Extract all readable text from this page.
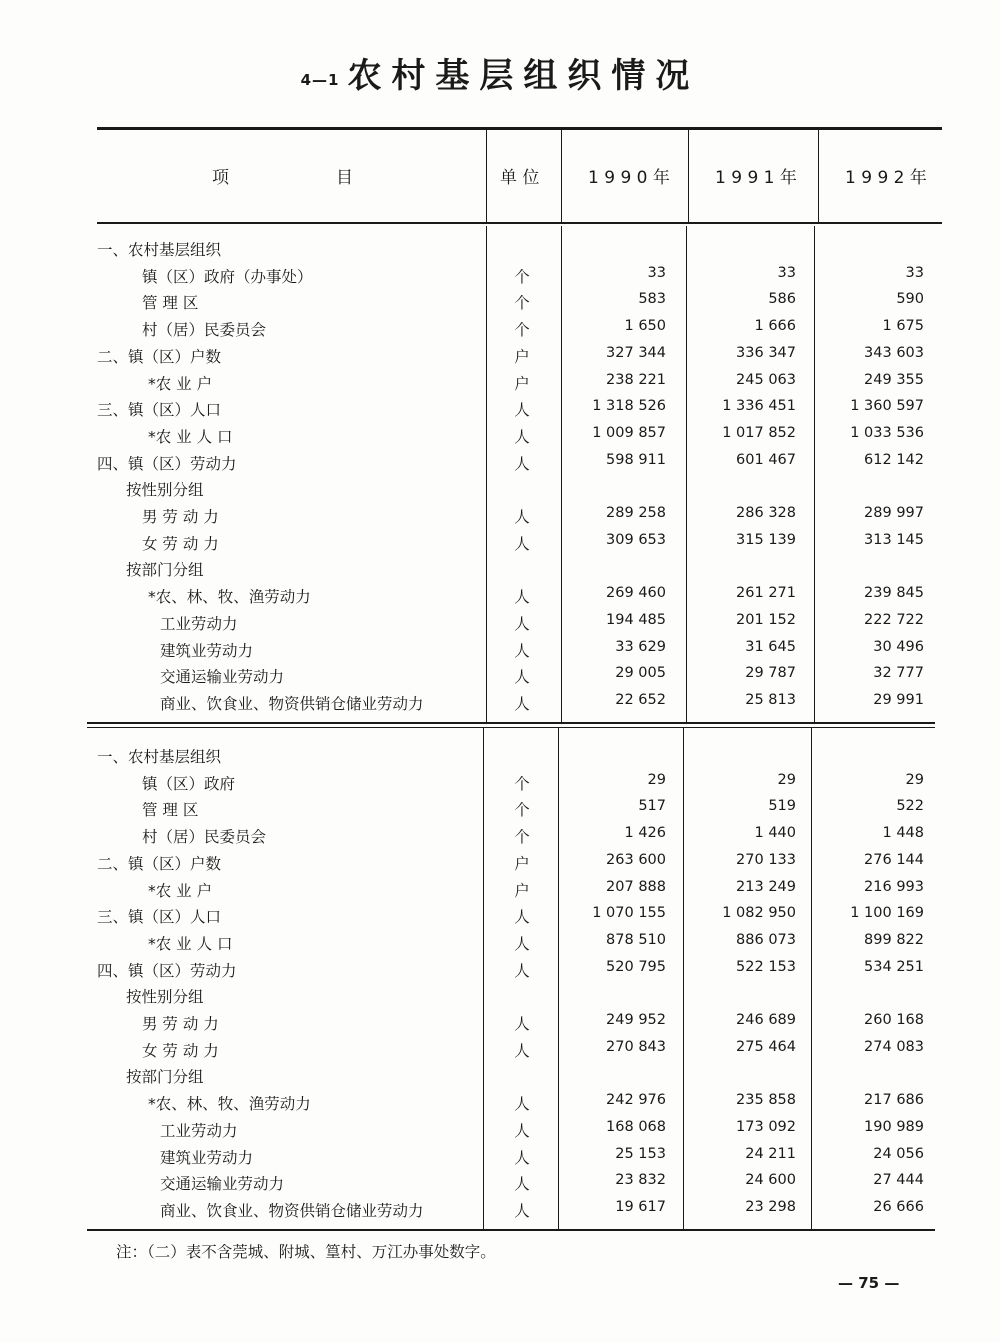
4—1 农村基层组织情况
项	目	单 位	1 9 9 0 年	1 9 9 1 年	1 9 9 2 年
一、农村基层组织
镇（区）政府（办事处）	个	33	33	33
管 理 区	个	583	586	590
村（居）民委员会	个	1 650	1 666	1 675
二、镇（区）户数	户	327 344	336 347	343 603
*农 业 户	户	238 221	245 063	249 355
三、镇（区）人口	人	1 318 526	1 336 451	1 360 597
*农 业 人 口	人	1 009 857	1 017 852	1 033 536
四、镇（区）劳动力	人	598 911	601 467	612 142
按性别分组
男 劳 动 力	人	289 258	286 328	289 997
女 劳 动 力	人	309 653	315 139	313 145
按部门分组
*农、林、牧、渔劳动力	人	269 460	261 271	239 845
工业劳动力	人	194 485	201 152	222 722
建筑业劳动力	人	33 629	31 645	30 496
交通运输业劳动力	人	29 005	29 787	32 777
商业、饮食业、物资供销仓储业劳动力	人	22 652	25 813	29 991
一、农村基层组织
镇（区）政府	个	29	29	29
管 理 区	个	517	519	522
村（居）民委员会	个	1 426	1 440	1 448
二、镇（区）户数	户	263 600	270 133	276 144
*农 业 户	户	207 888	213 249	216 993
三、镇（区）人口	人	1 070 155	1 082 950	1 100 169
*农 业 人 口	人	878 510	886 073	899 822
四、镇（区）劳动力	人	520 795	522 153	534 251
按性别分组
男 劳 动 力	人	249 952	246 689	260 168
女 劳 动 力	人	270 843	275 464	274 083
按部门分组
*农、林、牧、渔劳动力	人	242 976	235 858	217 686
工业劳动力	人	168 068	173 092	190 989
建筑业劳动力	人	25 153	24 211	24 056
交通运输业劳动力	人	23 832	24 600	27 444
商业、饮食业、物资供销仓储业劳动力	人	19 617	23 298	26 666
注：（二）表不含莞城、附城、篁村、万江办事处数字。
— 75 —
